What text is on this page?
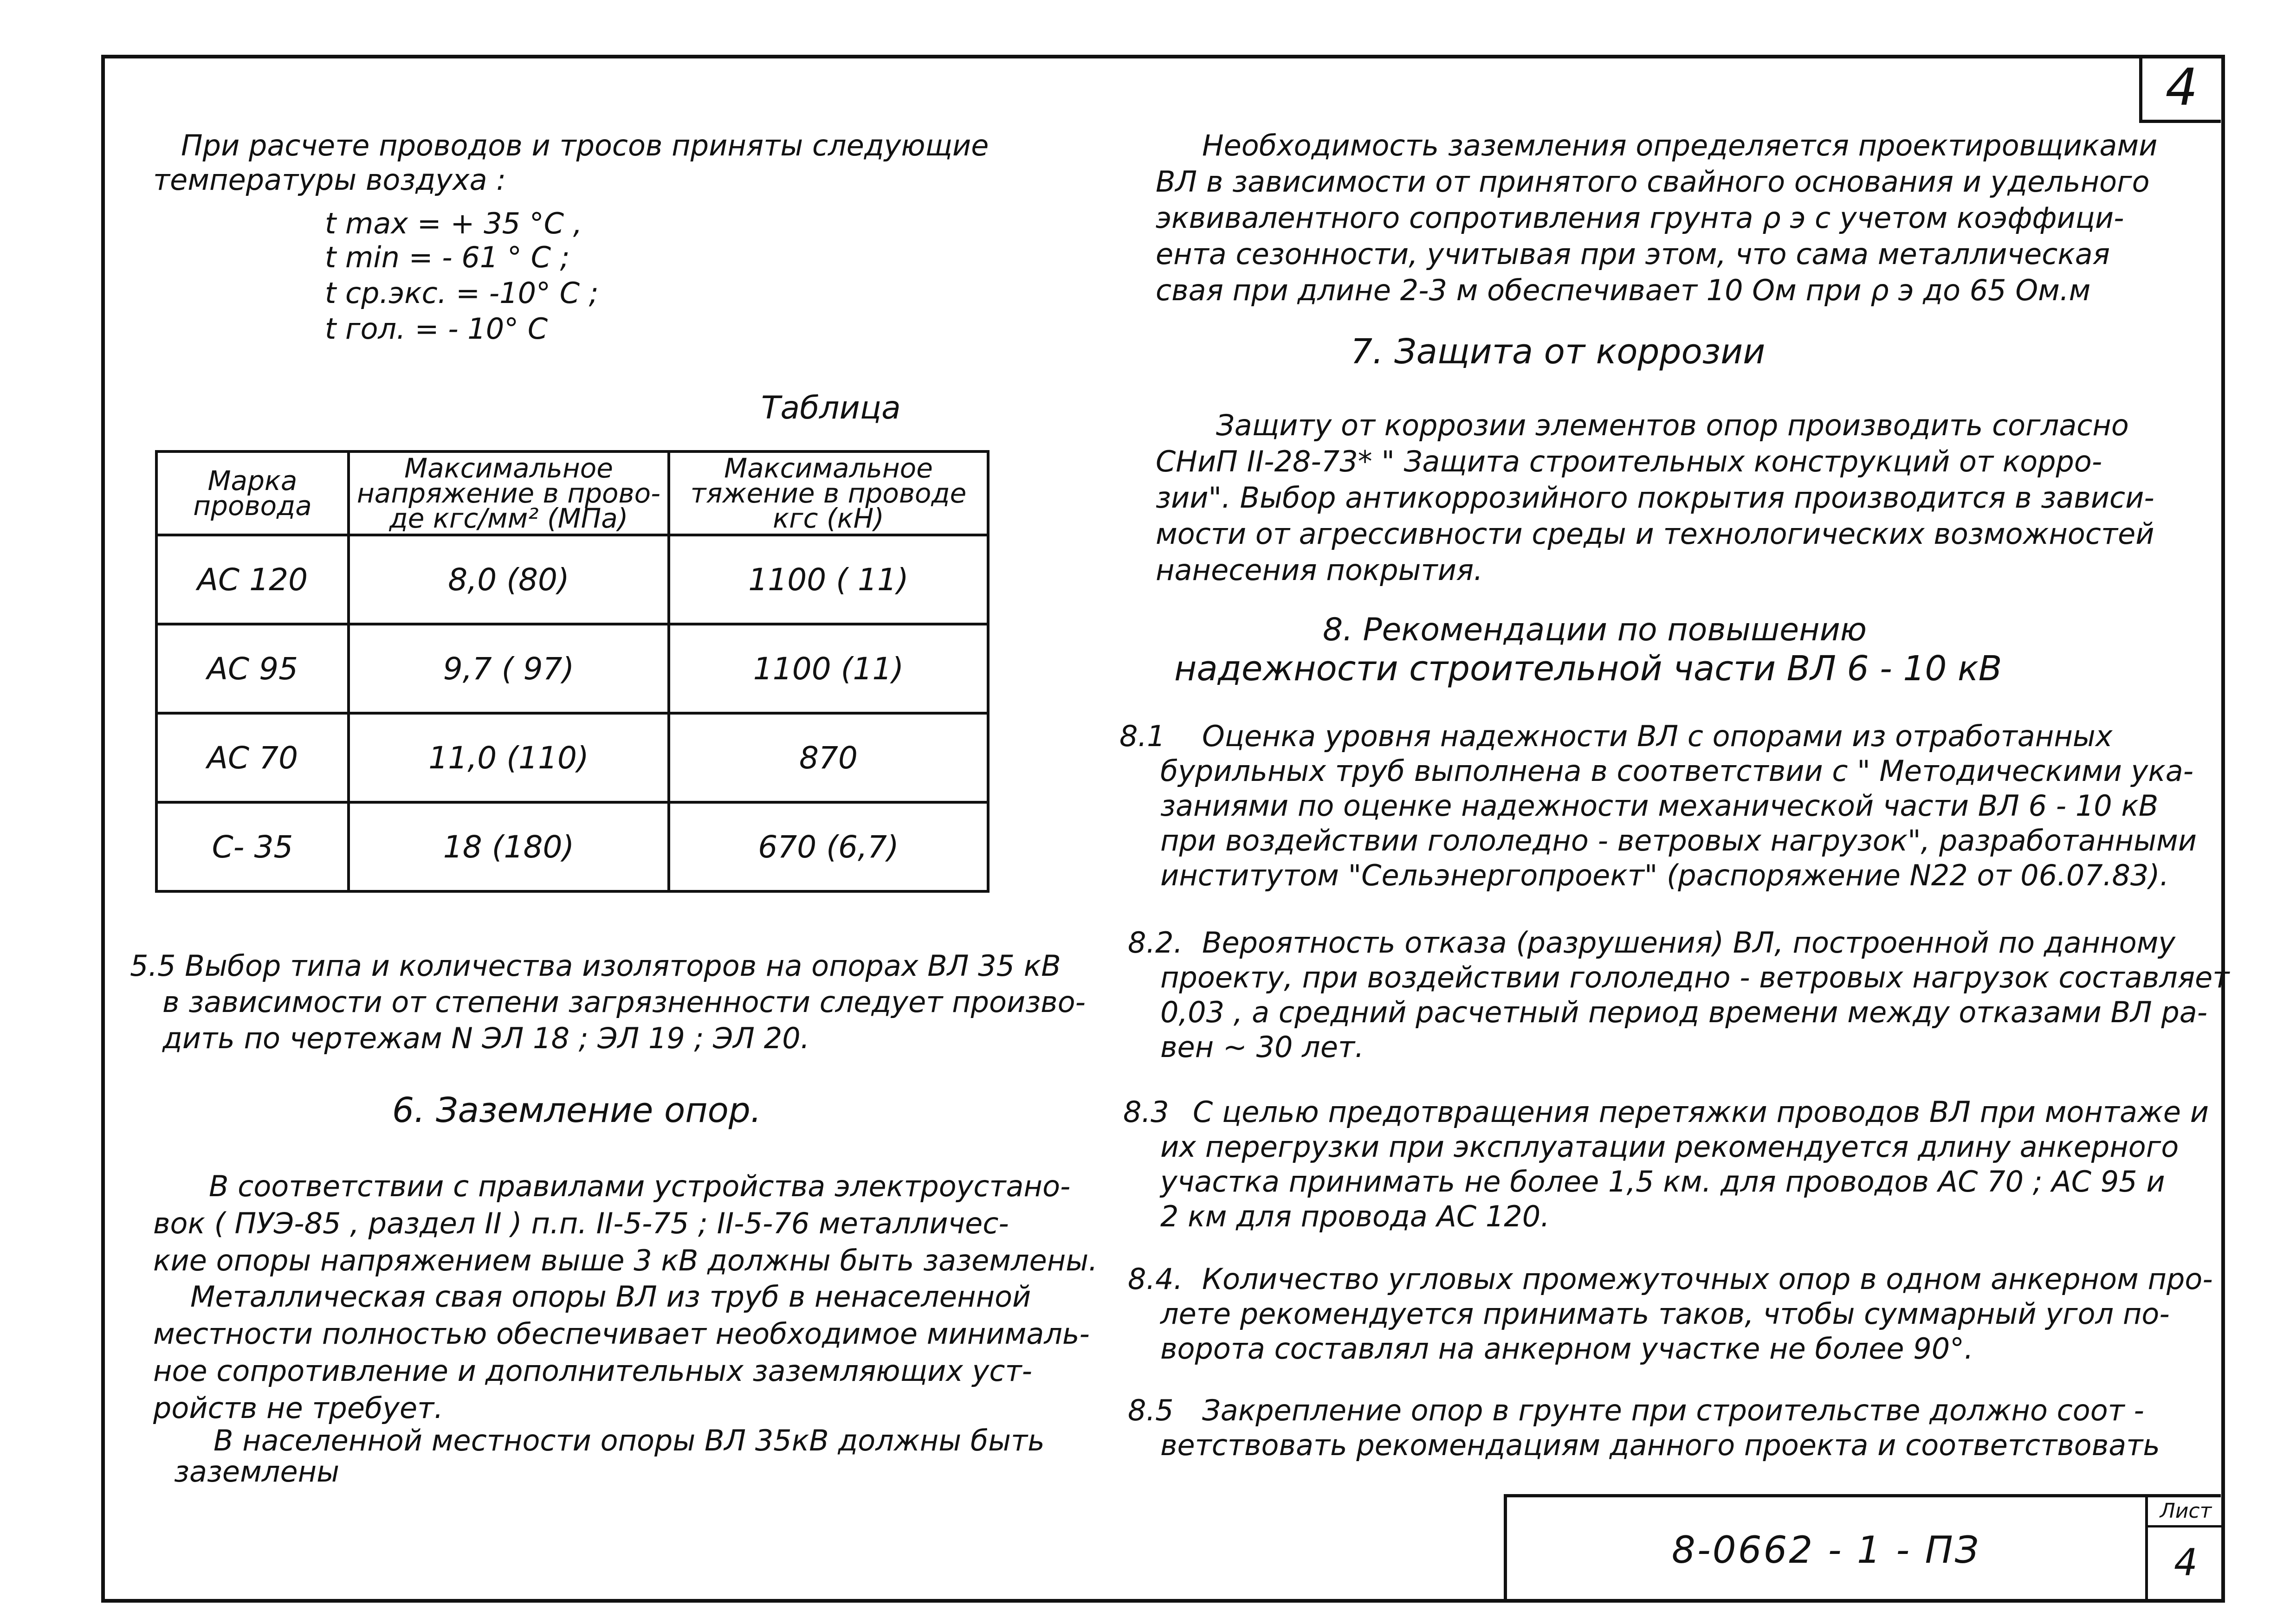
4
При расчете проводов и тросов приняты следующие
температуры воздуха :
t max = + 35 °C ,
t min = - 61 ° C ;
t ср.экс. = -10° C ;
t гол. = - 10° C
Таблица
Марка провода	Максимальное напряжение в прово- де кгс/мм² (МПа)	Максимальное тяжение в проводе кгс (кН)
АС 120	8,0 (80)	1100 ( 11)
АС 95	9,7 ( 97)	1100 (11)
АС 70	11,0 (110)	870
С- 35	18 (180)	670 (6,7)
5.5 Выбор типа и количества изоляторов на опорах ВЛ 35 кВ
в зависимости от степени загрязненности следует произво-
дить по чертежам N ЭЛ 18 ; ЭЛ 19 ; ЭЛ 20.
6. Заземление опор.
В соответствии с правилами устройства электроустано-
вок ( ПУЭ-85 , раздел II ) п.п. II-5-75 ; II-5-76 металличес-
кие опоры напряжением выше 3 кВ должны быть заземлены.
Металлическая свая опоры ВЛ из труб в ненаселенной
местности полностью обеспечивает необходимое минималь-
ное сопротивление и дополнительных заземляющих уст-
ройств не требует.
В населенной местности опоры ВЛ 35кВ должны быть
заземлены
Необходимость заземления определяется проектировщиками
ВЛ в зависимости от принятого свайного основания и удельного
эквивалентного сопротивления грунта ρ э с учетом коэффици-
ента сезонности, учитывая при этом, что сама металлическая
свая при длине 2-3 м обеспечивает 10 Ом при ρ э до 65 Ом.м
7. Защита от коррозии
Защиту от коррозии элементов опор производить согласно
СНиП II-28-73* " Защита строительных конструкций от корро-
зии". Выбор антикоррозийного покрытия производится в зависи-
мости от агрессивности среды и технологических возможностей
нанесения покрытия.
8. Рекомендации по повышению
надежности строительной части ВЛ 6 - 10 кВ
8.1 Оценка уровня надежности ВЛ с опорами из отработанных
бурильных труб выполнена в соответствии с " Методическими ука-
заниями по оценке надежности механической части ВЛ 6 - 10 кВ
при воздействии гололедно - ветровых нагрузок", разработанными
институтом "Сельэнергопроект" (распоряжение N22 от 06.07.83).
8.2. Вероятность отказа (разрушения) ВЛ, построенной по данному
проекту, при воздействии гололедно - ветровых нагрузок составляет
0,03 , а средний расчетный период времени между отказами ВЛ ра-
вен ~ 30 лет.
8.3 С целью предотвращения перетяжки проводов ВЛ при монтаже и
их перегрузки при эксплуатации рекомендуется длину анкерного
участка принимать не более 1,5 км. для проводов АС 70 ; АС 95 и
2 км для провода АС 120.
8.4. Количество угловых промежуточных опор в одном анкерном про-
лете рекомендуется принимать таков, чтобы суммарный угол по-
ворота составлял на анкерном участке не более 90°.
8.5 Закрепление опор в грунте при строительстве должно соот -
ветствовать рекомендациям данного проекта и соответствовать
8-0662 - 1 - ПЗ
Лист
4
